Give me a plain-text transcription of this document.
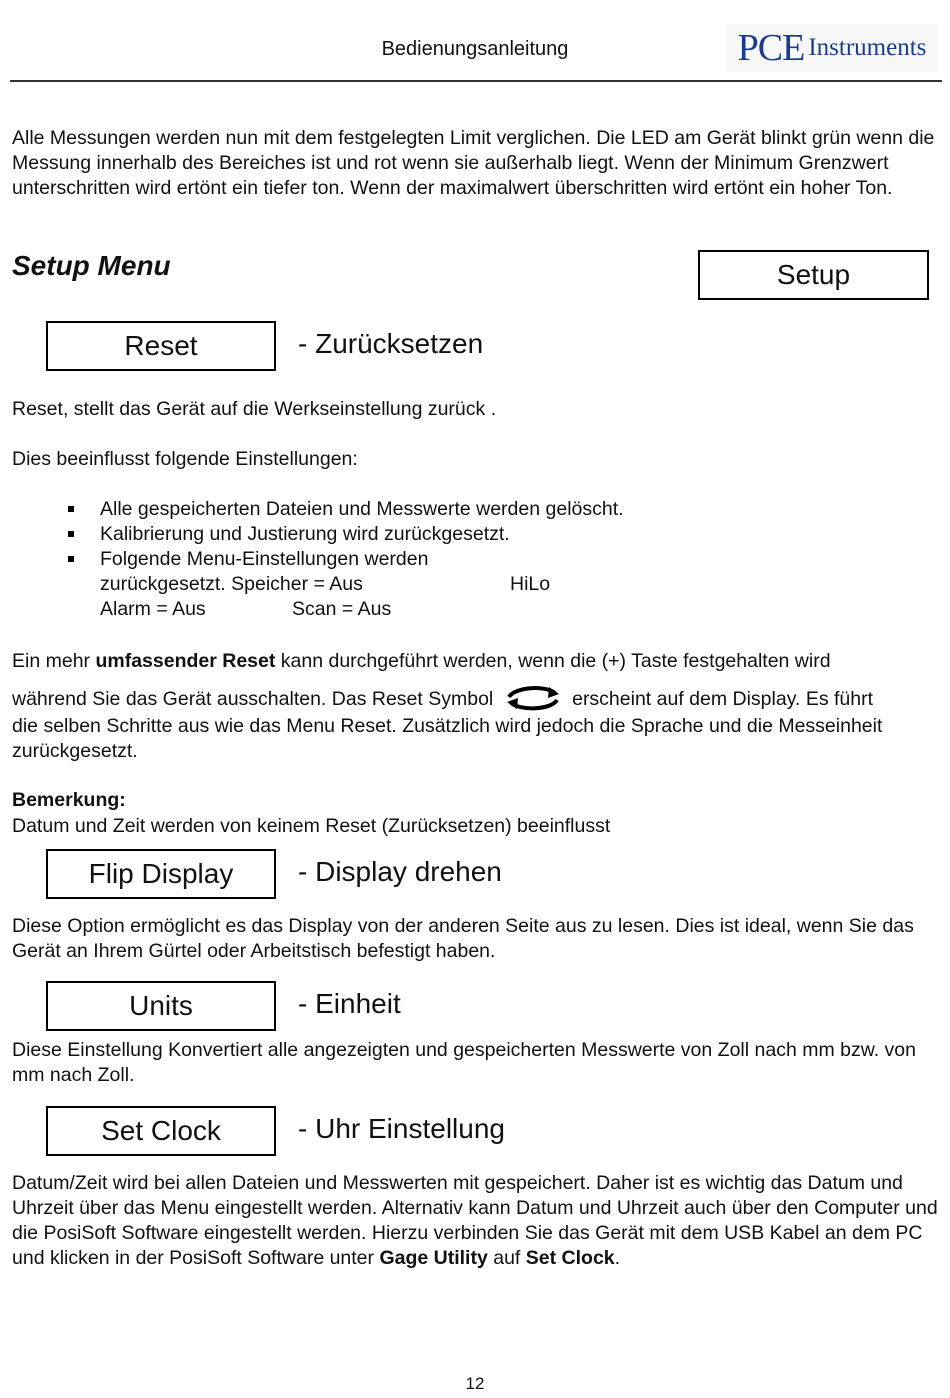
Bedienungsanleitung	PCE Instruments
Alle Messungen werden nun mit dem festgelegten Limit verglichen. Die LED am Gerät blinkt grün wenn die Messung innerhalb des Bereiches ist und rot wenn sie außerhalb liegt. Wenn der Minimum Grenzwert unterschritten wird ertönt ein tiefer ton. Wenn der maximalwert überschritten wird ertönt ein hoher Ton.
Setup Menu	Setup
Reset	- Zurücksetzen
Reset, stellt das Gerät auf die Werkseinstellung zurück .
Dies beeinflusst folgende Einstellungen:
Alle gespeicherten Dateien und Messwerte werden gelöscht.
Kalibrierung und Justierung wird zurückgesetzt.
Folgende Menu-Einstellungen werden
zurückgesetzt. Speicher = Aus	HiLo
Alarm = Aus	Scan = Aus
Ein mehr umfassender Reset kann durchgeführt werden, wenn die (+) Taste festgehalten wird
während Sie das Gerät ausschalten. Das Reset Symbol	erscheint auf dem Display. Es führt
die selben Schritte aus wie das Menu Reset. Zusätzlich wird jedoch die Sprache und die Messeinheit zurückgesetzt.
Bemerkung:
Datum und Zeit werden von keinem Reset (Zurücksetzen) beeinflusst
Flip Display	- Display drehen
Diese Option ermöglicht es das Display von der anderen Seite aus zu lesen. Dies ist ideal, wenn Sie das Gerät an Ihrem Gürtel oder Arbeitstisch befestigt haben.
Units	- Einheit
Diese Einstellung Konvertiert alle angezeigten und gespeicherten Messwerte von Zoll nach mm bzw. von mm nach Zoll.
Set Clock	- Uhr Einstellung
Datum/Zeit wird bei allen Dateien und Messwerten mit gespeichert. Daher ist es wichtig das Datum und Uhrzeit über das Menu eingestellt werden. Alternativ kann Datum und Uhrzeit auch über den Computer und die PosiSoft Software eingestellt werden. Hierzu verbinden Sie das Gerät mit dem USB Kabel an dem PC und klicken in der PosiSoft Software unter Gage Utility auf Set Clock.
12
